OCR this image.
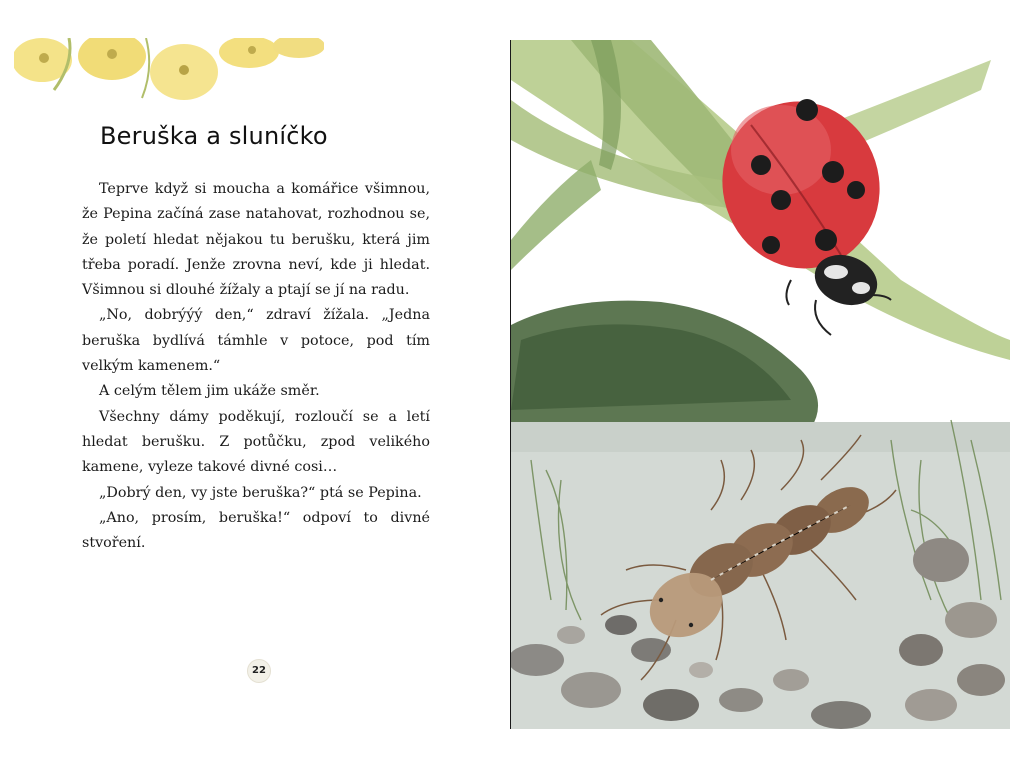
Beruška a sluníčko

Teprve když si moucha a komářice všimnou, že Pepina začíná zase natahovat, rozhodnou se, že poletí hledat nějakou tu berušku, která jim třeba poradí. Jenže zrovna neví, kde ji hledat. Všimnou si dlouhé žížaly a ptají se jí na radu.

„No, dobrýýý den,“ zdraví žížala. „Jedna beruška bydlívá támhle v potoce, pod tím velkým kamenem.“

A celým tělem jim ukáže směr.

Všechny dámy poděkují, rozloučí se a letí hledat berušku. Z potůčku, zpod velikého kamene, vyleze takové divné cosi…

„Dobrý den, vy jste beruška?“ ptá se Pepina.

„Ano, prosím, beruška!“ odpoví to divné stvoření.

22
